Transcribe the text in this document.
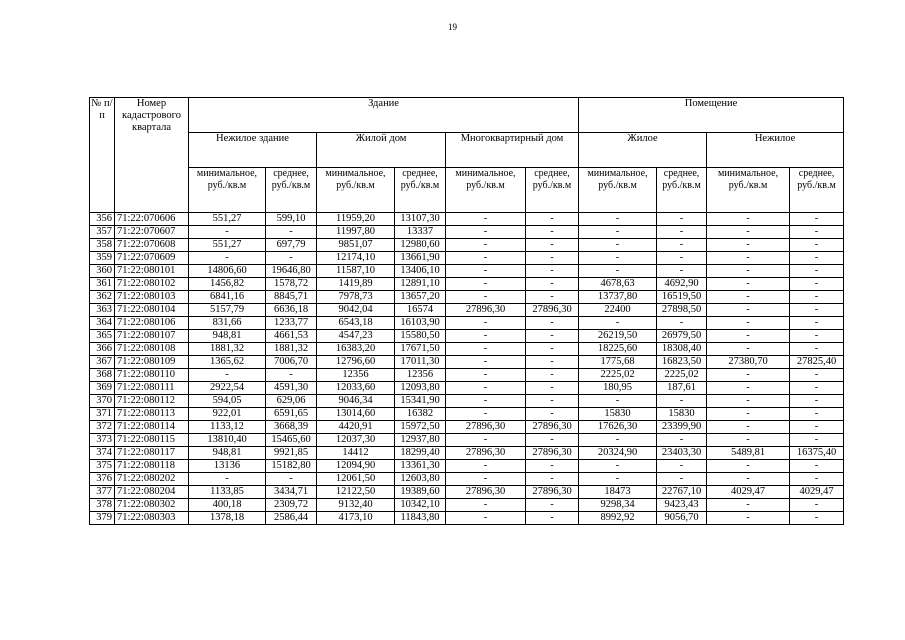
19
№ п/п	Номер кадастрового квартала	Здание						Помещение			
		Нежилое здание		Жилой дом		Многоквартирный дом		Жилое		Нежилое	
		минимальное, руб./кв.м	среднее, руб./кв.м	минимальное, руб./кв.м	среднее, руб./кв.м	минимальное, руб./кв.м	среднее, руб./кв.м	минимальное, руб./кв.м	среднее, руб./кв.м	минимальное, руб./кв.м	среднее, руб./кв.м
356	71:22:070606	551,27	599,10	11959,20	13107,30	-	-	-	-	-	-
357	71:22:070607	-	-	11997,80	13337	-	-	-	-	-	-
358	71:22:070608	551,27	697,79	9851,07	12980,60	-	-	-	-	-	-
359	71:22:070609	-	-	12174,10	13661,90	-	-	-	-	-	-
360	71:22:080101	14806,60	19646,80	11587,10	13406,10	-	-	-	-	-	-
361	71:22:080102	1456,82	1578,72	1419,89	12891,10	-	-	4678,63	4692,90	-	-
362	71:22:080103	6841,16	8845,71	7978,73	13657,20	-	-	13737,80	16519,50	-	-
363	71:22:080104	5157,79	6636,18	9042,04	16574	27896,30	27896,30	22400	27898,50	-	-
364	71:22:080106	831,66	1233,77	6543,18	16103,90	-	-	-	-	-	-
365	71:22:080107	948,81	4661,53	4547,23	15580,50	-	-	26219,50	26979,50	-	-
366	71:22:080108	1881,32	1881,32	16383,20	17671,50	-	-	18225,60	18308,40	-	-
367	71:22:080109	1365,62	7006,70	12796,60	17011,30	-	-	1775,68	16823,50	27380,70	27825,40
368	71:22:080110	-	-	12356	12356	-	-	2225,02	2225,02	-	-
369	71:22:080111	2922,54	4591,30	12033,60	12093,80	-	-	180,95	187,61	-	-
370	71:22:080112	594,05	629,06	9046,34	15341,90	-	-	-	-	-	-
371	71:22:080113	922,01	6591,65	13014,60	16382	-	-	15830	15830	-	-
372	71:22:080114	1133,12	3668,39	4420,91	15972,50	27896,30	27896,30	17626,30	23399,90	-	-
373	71:22:080115	13810,40	15465,60	12037,30	12937,80	-	-	-	-	-	-
374	71:22:080117	948,81	9921,85	14412	18299,40	27896,30	27896,30	20324,90	23403,30	5489,81	16375,40
375	71:22:080118	13136	15182,80	12094,90	13361,30	-	-	-	-	-	-
376	71:22:080202	-	-	12061,50	12603,80	-	-	-	-	-	-
377	71:22:080204	1133,85	3434,71	12122,50	19389,60	27896,30	27896,30	18473	22767,10	4029,47	4029,47
378	71:22:080302	400,18	2309,72	9132,40	10342,10	-	-	9298,34	9423,43	-	-
379	71:22:080303	1378,18	2586,44	4173,10	11843,80	-	-	8992,92	9056,70	-	-
